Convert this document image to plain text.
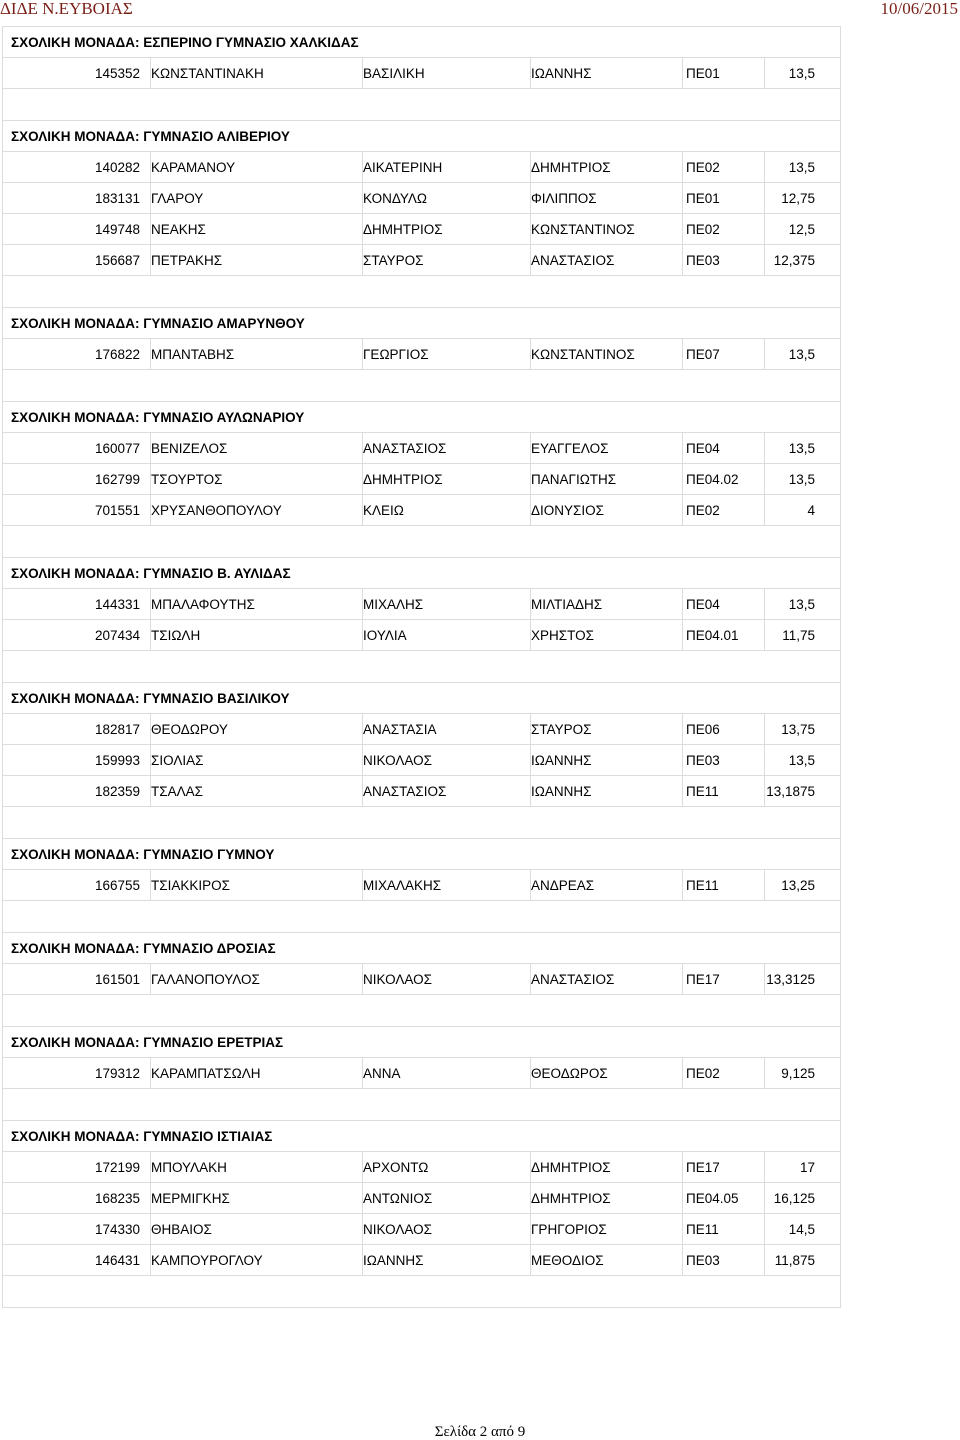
ΔΙΔΕ Ν.ΕΥΒΟΙΑΣ	10/06/2015
ΣΧΟΛΙΚΗ ΜΟΝΑΔΑ: ΕΣΠΕΡΙΝΟ ΓΥΜΝΑΣΙΟ ΧΑΛΚΙΔΑΣ					
145352	ΚΩΝΣΤΑΝΤΙΝΑΚΗ	ΒΑΣΙΛΙΚΗ	ΙΩΑΝΝΗΣ	ΠΕ01	13,5

ΣΧΟΛΙΚΗ ΜΟΝΑΔΑ: ΓΥΜΝΑΣΙΟ ΑΛΙΒΕΡΙΟΥ					
140282	ΚΑΡΑΜΑΝΟΥ	ΑΙΚΑΤΕΡΙΝΗ	ΔΗΜΗΤΡΙΟΣ	ΠΕ02	13,5
183131	ΓΛΑΡΟΥ	ΚΟΝΔΥΛΩ	ΦΙΛΙΠΠΟΣ	ΠΕ01	12,75
149748	ΝΕΑΚΗΣ	ΔΗΜΗΤΡΙΟΣ	ΚΩΝΣΤΑΝΤΙΝΟΣ	ΠΕ02	12,5
156687	ΠΕΤΡΑΚΗΣ	ΣΤΑΥΡΟΣ	ΑΝΑΣΤΑΣΙΟΣ	ΠΕ03	12,375

ΣΧΟΛΙΚΗ ΜΟΝΑΔΑ: ΓΥΜΝΑΣΙΟ ΑΜΑΡΥΝΘΟΥ					
176822	ΜΠΑΝΤΑΒΗΣ	ΓΕΩΡΓΙΟΣ	ΚΩΝΣΤΑΝΤΙΝΟΣ	ΠΕ07	13,5

ΣΧΟΛΙΚΗ ΜΟΝΑΔΑ: ΓΥΜΝΑΣΙΟ ΑΥΛΩΝΑΡΙΟΥ					
160077	ΒΕΝΙΖΕΛΟΣ	ΑΝΑΣΤΑΣΙΟΣ	ΕΥΑΓΓΕΛΟΣ	ΠΕ04	13,5
162799	ΤΣΟΥΡΤΟΣ	ΔΗΜΗΤΡΙΟΣ	ΠΑΝΑΓΙΩΤΗΣ	ΠΕ04.02	13,5
701551	ΧΡΥΣΑΝΘΟΠΟΥΛΟΥ	ΚΛΕΙΩ	ΔΙΟΝΥΣΙΟΣ	ΠΕ02	4

ΣΧΟΛΙΚΗ ΜΟΝΑΔΑ: ΓΥΜΝΑΣΙΟ Β. ΑΥΛΙΔΑΣ					
144331	ΜΠΑΛΑΦΟΥΤΗΣ	ΜΙΧΑΛΗΣ	ΜΙΛΤΙΑΔΗΣ	ΠΕ04	13,5
207434	ΤΣΙΩΛΗ	ΙΟΥΛΙΑ	ΧΡΗΣΤΟΣ	ΠΕ04.01	11,75

ΣΧΟΛΙΚΗ ΜΟΝΑΔΑ: ΓΥΜΝΑΣΙΟ ΒΑΣΙΛΙΚΟΥ					
182817	ΘΕΟΔΩΡΟΥ	ΑΝΑΣΤΑΣΙΑ	ΣΤΑΥΡΟΣ	ΠΕ06	13,75
159993	ΣΙΟΛΙΑΣ	ΝΙΚΟΛΑΟΣ	ΙΩΑΝΝΗΣ	ΠΕ03	13,5
182359	ΤΣΑΛΑΣ	ΑΝΑΣΤΑΣΙΟΣ	ΙΩΑΝΝΗΣ	ΠΕ11	13,1875

ΣΧΟΛΙΚΗ ΜΟΝΑΔΑ: ΓΥΜΝΑΣΙΟ ΓΥΜΝΟΥ					
166755	ΤΣΙΑΚΚΙΡΟΣ	ΜΙΧΑΛΑΚΗΣ	ΑΝΔΡΕΑΣ	ΠΕ11	13,25

ΣΧΟΛΙΚΗ ΜΟΝΑΔΑ: ΓΥΜΝΑΣΙΟ ΔΡΟΣΙΑΣ					
161501	ΓΑΛΑΝΟΠΟΥΛΟΣ	ΝΙΚΟΛΑΟΣ	ΑΝΑΣΤΑΣΙΟΣ	ΠΕ17	13,3125

ΣΧΟΛΙΚΗ ΜΟΝΑΔΑ: ΓΥΜΝΑΣΙΟ ΕΡΕΤΡΙΑΣ					
179312	ΚΑΡΑΜΠΑΤΣΩΛΗ	ΑΝΝΑ	ΘΕΟΔΩΡΟΣ	ΠΕ02	9,125

ΣΧΟΛΙΚΗ ΜΟΝΑΔΑ: ΓΥΜΝΑΣΙΟ ΙΣΤΙΑΙΑΣ					
172199	ΜΠΟΥΛΑΚΗ	ΑΡΧΟΝΤΩ	ΔΗΜΗΤΡΙΟΣ	ΠΕ17	17
168235	ΜΕΡΜΙΓΚΗΣ	ΑΝΤΩΝΙΟΣ	ΔΗΜΗΤΡΙΟΣ	ΠΕ04.05	16,125
174330	ΘΗΒΑΙΟΣ	ΝΙΚΟΛΑΟΣ	ΓΡΗΓΟΡΙΟΣ	ΠΕ11	14,5
146431	ΚΑΜΠΟΥΡΟΓΛΟΥ	ΙΩΑΝΝΗΣ	ΜΕΘΟΔΙΟΣ	ΠΕ03	11,875

Σελίδα 2 από 9
